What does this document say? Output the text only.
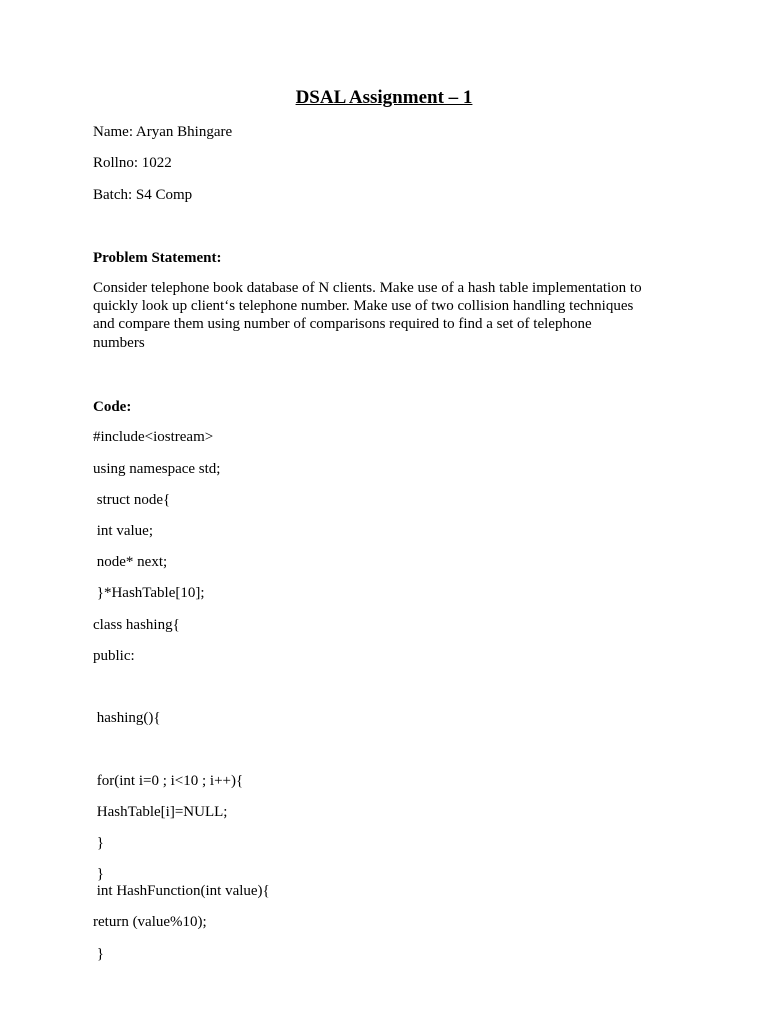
DSAL Assignment – 1
Name: Aryan Bhingare
Rollno: 1022
Batch: S4 Comp
Problem Statement:
Consider telephone book database of N clients. Make use of a hash table implementation to
quickly look up client‘s telephone number. Make use of two collision handling techniques
and compare them using number of comparisons required to find a set of telephone
numbers
Code:
#include<iostream>
using namespace std;
struct node{
int value;
node* next;
}*HashTable[10];
class hashing{
public:
hashing(){
for(int i=0 ; i<10 ; i++){
HashTable[i]=NULL;
}
}
int HashFunction(int value){
return (value%10);
}
